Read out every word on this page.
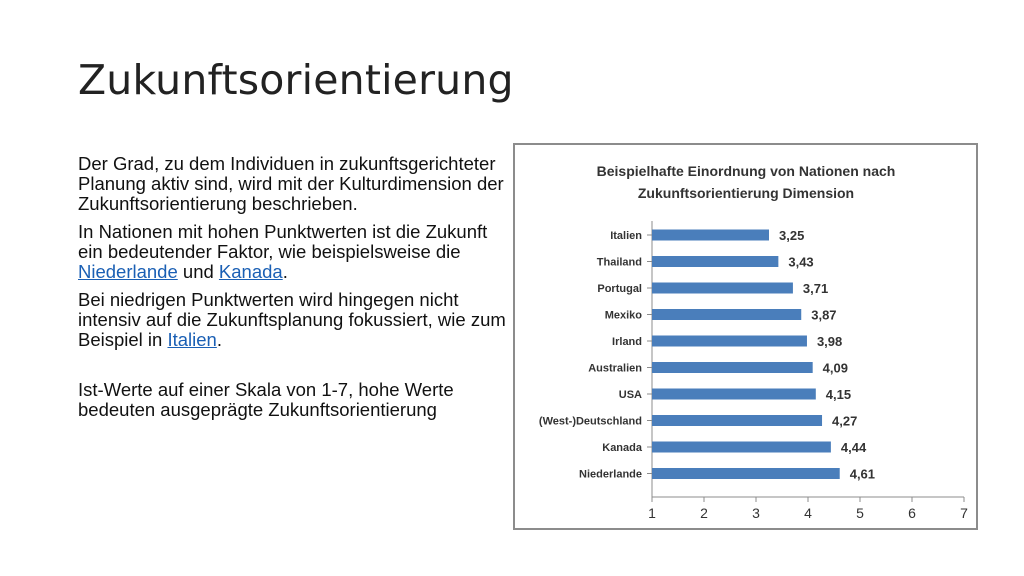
Zukunftsorientierung

Der Grad, zu dem Individuen in zukunftsgerichteter Planung aktiv sind, wird mit der Kulturdimension der Zukunftsorientierung beschrieben.

In Nationen mit hohen Punktwerten ist die Zukunft ein bedeutender Faktor, wie beispielsweise die Niederlande und Kanada.

Bei niedrigen Punktwerten wird hingegen nicht intensiv auf die Zukunftsplanung fokussiert, wie zum Beispiel in Italien.

Ist-Werte auf einer Skala von 1-7, hohe Werte bedeuten ausgeprägte Zukunftsorientierung

Beispielhafte Einordnung von Nationen nach
Zukunftsorientierung Dimension
1	2	3	4	5	6	7
Italien	3,25
Thailand	3,43
Portugal	3,71
Mexiko	3,87
Irland	3,98
Australien	4,09
USA	4,15
(West-)Deutschland	4,27
Kanada	4,44
Niederlande	4,61
